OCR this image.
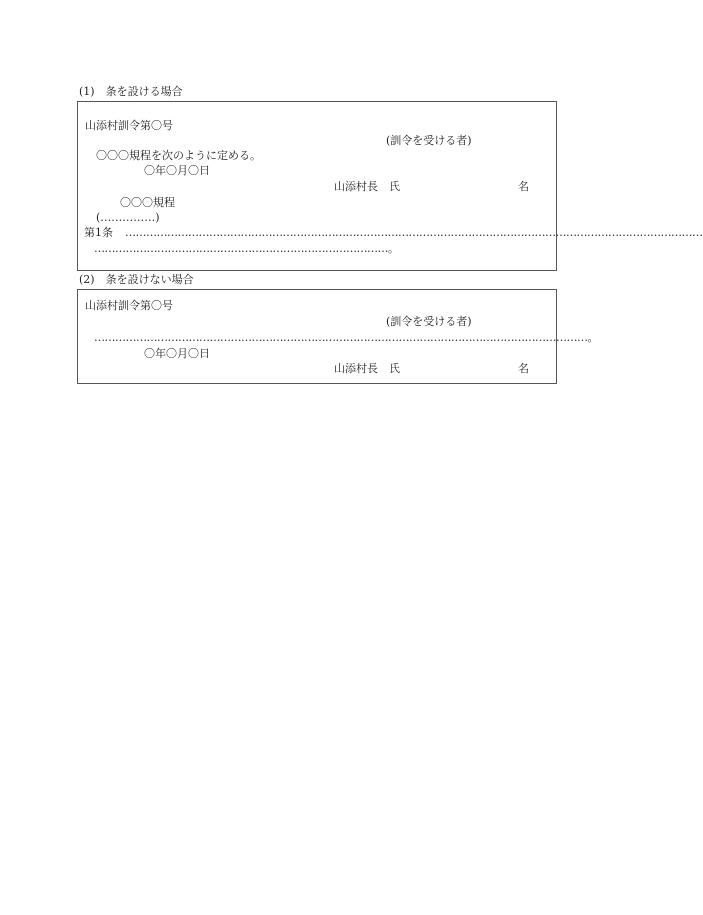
(1)　条を設ける場合
山添村訓令第〇号
(訓令を受ける者)
〇〇〇規程を次のように定める。
〇年〇月〇日
山添村長　氏	名
〇〇〇規程
(……………)
第1条 …………………………………………………………………………………………………………………………………………………
…………………………………………………………………………。
(2)　条を設けない場合
山添村訓令第〇号
(訓令を受ける者)
……………………………………………………………………………………………………………………………。
〇年〇月〇日
山添村長　氏	名
